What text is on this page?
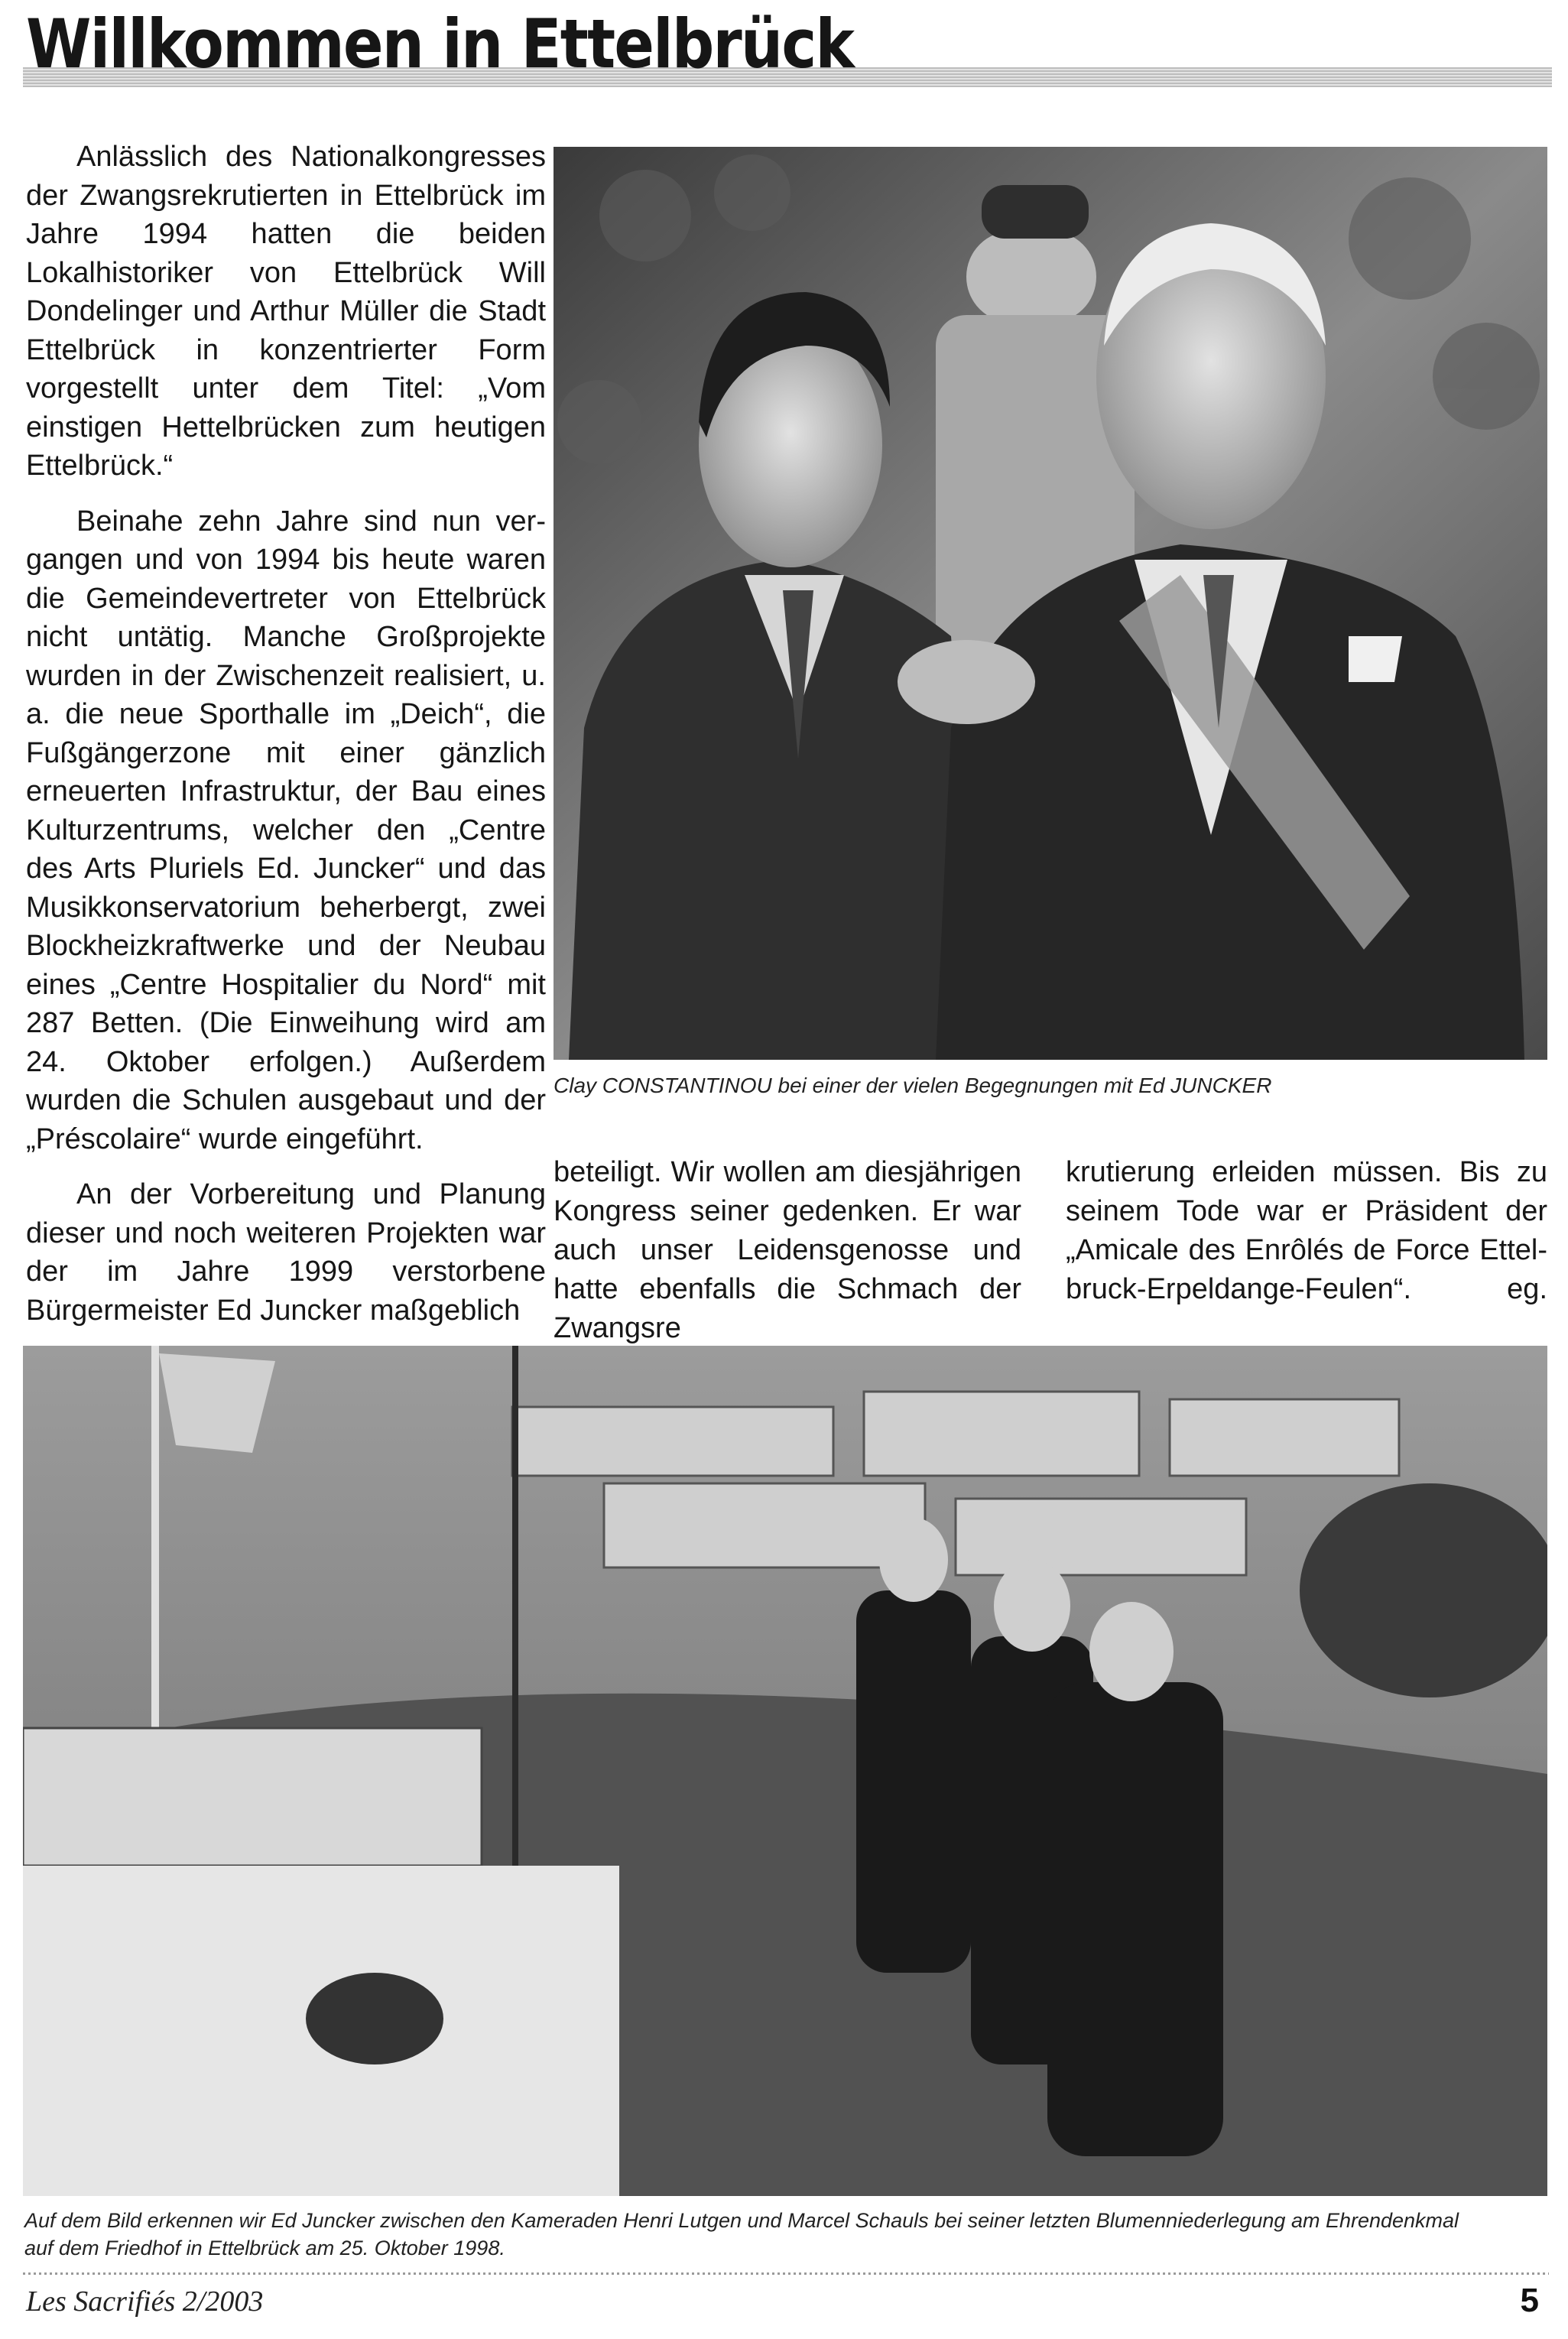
Willkommen in Ettelbrück

Anlässlich des Nationalkongresses der Zwangsrekrutierten in Ettelbrück im Jahre 1994 hatten die beiden Lokalhistoriker von Ettelbrück Will Dondelinger und Arthur Müller die Stadt Ettelbrück in konzentrierter Form vorgestellt unter dem Titel: „Vom einstigen Hettelbrücken zum heutigen Ettelbrück.“

Beinahe zehn Jahre sind nun vergangen und von 1994 bis heute waren die Gemeindevertreter von Ettelbrück nicht untätig. Manche Großprojekte wurden in der Zwischenzeit realisiert, u. a. die neue Sporthalle im „Deich“, die Fußgängerzone mit einer gänzlich erneuerten Infrastruktur, der Bau eines Kulturzentrums, welcher den „Centre des Arts Pluriels Ed. Juncker“ und das Musikkonservatorium beherbergt, zwei Blockheizkraftwerke und der Neubau eines „Centre Hospitalier du Nord“ mit 287 Betten. (Die Einweihung wird am 24. Oktober erfolgen.) Außerdem wurden die Schulen ausgebaut und der „Préscolaire“ wurde eingeführt.

An der Vorbereitung und Planung dieser und noch weiteren Projekten war der im Jahre 1999 verstorbene Bürgermeister Ed Juncker maßgeblich

Clay CONSTANTINOU bei einer der vielen Begegnungen mit Ed JUNCKER

beteiligt. Wir wollen am diesjährigen Kongress seiner gedenken. Er war auch unser Leidensgenosse und hatte ebenfalls die Schmach der Zwangsre

krutierung erleiden müssen. Bis zu seinem Tode war er Präsident der „Amicale des Enrôlés de Force Ettelbruck-Erpeldange-Feulen“.	eg.

Auf dem Bild erkennen wir Ed Juncker zwischen den Kameraden Henri Lutgen und Marcel Schauls bei seiner letzten Blumenniederlegung am Ehrendenkmal auf dem Friedhof in Ettelbrück am 25. Oktober 1998.
Les Sacrifiés 2/2003	5
